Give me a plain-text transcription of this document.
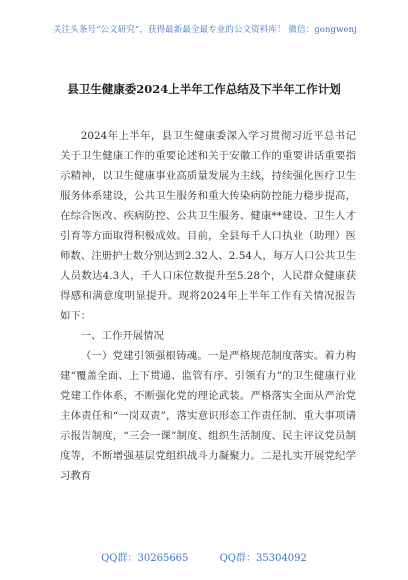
关注头条号“公文研究”，获得最新最全最专业的公文资料库！ 微信：gongwenj
县卫生健康委2024上半年工作总结及下半年工作计划

2024年上半年，县卫生健康委深入学习贯彻习近平总书记关于卫生健康工作的重要论述和关于安徽工作的重要讲话重要指示精神，以卫生健康事业高质量发展为主线，持续强化医疗卫生服务体系建设，公共卫生服务和重大传染病防控能力稳步提高，在综合医改、疾病防控、公共卫生服务、健康**建设、卫生人才引育等方面取得积极成效。目前，全县每千人口执业（助理）医师数、注册护士数分别达到2.32人、2.54人，每万人口公共卫生人员数达4.3人，千人口床位数提升至5.28个，人民群众健康获得感和满意度明显提升。现将2024年上半年工作有关情况报告如下：

一、工作开展情况

（一）党建引领强根铸魂。一是严格规范制度落实。着力构建“覆盖全面、上下贯通、监管有序、引领有力”的卫生健康行业党建工作体系，不断强化党的理论武装。严格落实全面从严治党主体责任和“一岗双责”，落实意识形态工作责任制、重大事项请示报告制度，“三会一课”制度、组织生活制度、民主评议党员制度等，不断增强基层党组织战斗力凝聚力。二是扎实开展党纪学习教育

QQ群：30265665	QQ群：35304092
